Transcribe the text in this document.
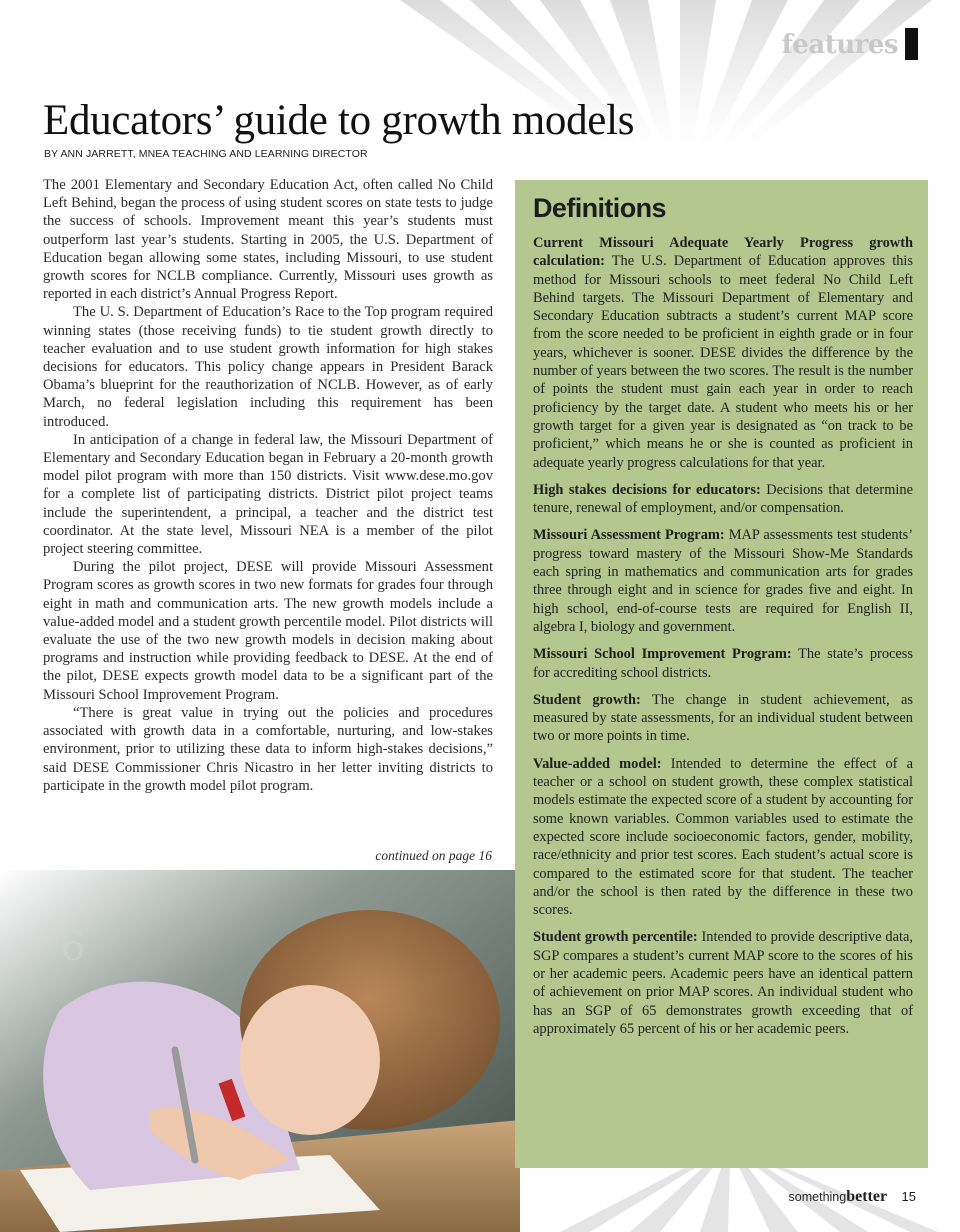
features
Educators’ guide to growth models
BY ANN JARRETT, MNEA TEACHING AND LEARNING DIRECTOR

The 2001 Elementary and Secondary Education Act, often called No Child Left Behind, began the process of using student scores on state tests to judge the success of schools. Improvement meant this year’s students must outperform last year’s students. Starting in 2005, the U.S. Department of Education began allowing some states, including Missouri, to use student growth scores for NCLB compliance. Currently, Missouri uses growth as reported in each district’s Annual Progress Report.

The U. S. Department of Education’s Race to the Top program required winning states (those receiving funds) to tie student growth directly to teacher evaluation and to use student growth information for high stakes decisions for educators. This policy change appears in President Barack Obama’s blueprint for the reauthorization of NCLB. However, as of early March, no federal legislation including this requirement has been introduced.

In anticipation of a change in federal law, the Missouri Department of Elementary and Secondary Education began in February a 20-month growth model pilot program with more than 150 districts. Visit www.dese.mo.gov for a complete list of participating districts. District pilot project teams include the superintendent, a principal, a teacher and the district test coordinator. At the state level, Missouri NEA is a member of the pilot project steering committee.

During the pilot project, DESE will provide Missouri Assessment Program scores as growth scores in two new formats for grades four through eight in math and communication arts. The new growth models include a value-added model and a student growth percentile model. Pilot districts will evaluate the use of the two new growth models in decision making about programs and instruction while providing feedback to DESE. At the end of the pilot, DESE expects growth model data to be a significant part of the Missouri School Improvement Program.

“There is great value in trying out the policies and procedures associated with growth data in a comfortable, nurturing, and low-stakes environment, prior to utilizing these data to inform high-stakes decisions,” said DESE Commissioner Chris Nicastro in her letter inviting districts to participate in the growth model pilot program.

continued on page 16
6
Definitions

Current Missouri Adequate Yearly Progress growth calculation: The U.S. Department of Education approves this method for Missouri schools to meet federal No Child Left Behind targets. The Missouri Department of Elementary and Secondary Education subtracts a student’s current MAP score from the score needed to be proficient in eighth grade or in four years, whichever is sooner. DESE divides the difference by the number of years between the two scores. The result is the number of points the student must gain each year in order to reach proficiency by the target date. A student who meets his or her growth target for a given year is designated as “on track to be proficient,” which means he or she is counted as proficient in adequate yearly progress calculations for that year.

High stakes decisions for educators: Decisions that determine tenure, renewal of employment, and/or compensation.

Missouri Assessment Program: MAP assessments test students’ progress toward mastery of the Missouri Show-Me Standards each spring in mathematics and communication arts for grades three through eight and in science for grades five and eight. In high school, end-of-course tests are required for English II, algebra I, biology and government.

Missouri School Improvement Program: The state’s process for accrediting school districts.

Student growth: The change in student achievement, as measured by state assessments, for an individual student between two or more points in time.

Value-added model: Intended to determine the effect of a teacher or a school on student growth, these complex statistical models estimate the expected score of a student by accounting for some known variables. Common variables used to estimate the expected score include socioeconomic factors, gender, mobility, race/ethnicity and prior test scores. Each student’s actual score is compared to the estimated score for that student. The teacher and/or the school is then rated by the difference in these two scores.

Student growth percentile: Intended to provide descriptive data, SGP compares a student’s current MAP score to the scores of his or her academic peers. Academic peers have an identical pattern of achievement on prior MAP scores. An individual student who has an SGP of 65 demonstrates growth exceeding that of approximately 65 percent of his or her academic peers.

somethingbetter 15
